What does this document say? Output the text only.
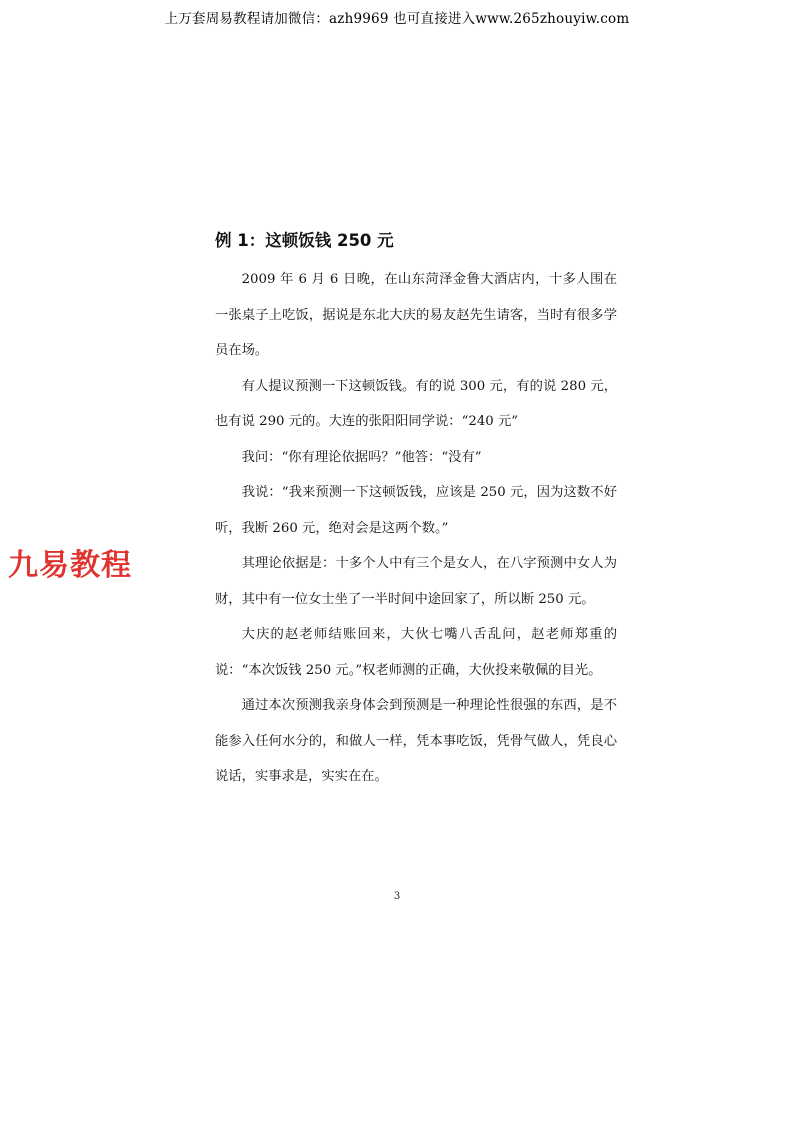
上万套周易教程请加微信：azh9969 也可直接进入www.265zhouyiw.com
九易教程
例 1：这顿饭钱 250 元

2009 年 6 月 6 日晚，在山东菏泽金鲁大酒店内，十多人围在一张桌子上吃饭，据说是东北大庆的易友赵先生请客，当时有很多学员在场。

有人提议预测一下这顿饭钱。有的说 300 元，有的说 280 元，也有说 290 元的。大连的张阳阳同学说：“240 元”

我问：“你有理论依据吗？”他答：“没有”

我说：“我来预测一下这顿饭钱，应该是 250 元，因为这数不好听，我断 260 元，绝对会是这两个数。”

其理论依据是：十多个人中有三个是女人，在八字预测中女人为财，其中有一位女士坐了一半时间中途回家了，所以断 250 元。

大庆的赵老师结账回来，大伙七嘴八舌乱问，赵老师郑重的说：“本次饭钱 250 元。”权老师测的正确，大伙投来敬佩的目光。

通过本次预测我亲身体会到预测是一种理论性很强的东西，是不能参入任何水分的，和做人一样，凭本事吃饭，凭骨气做人，凭良心说话，实事求是，实实在在。

3
